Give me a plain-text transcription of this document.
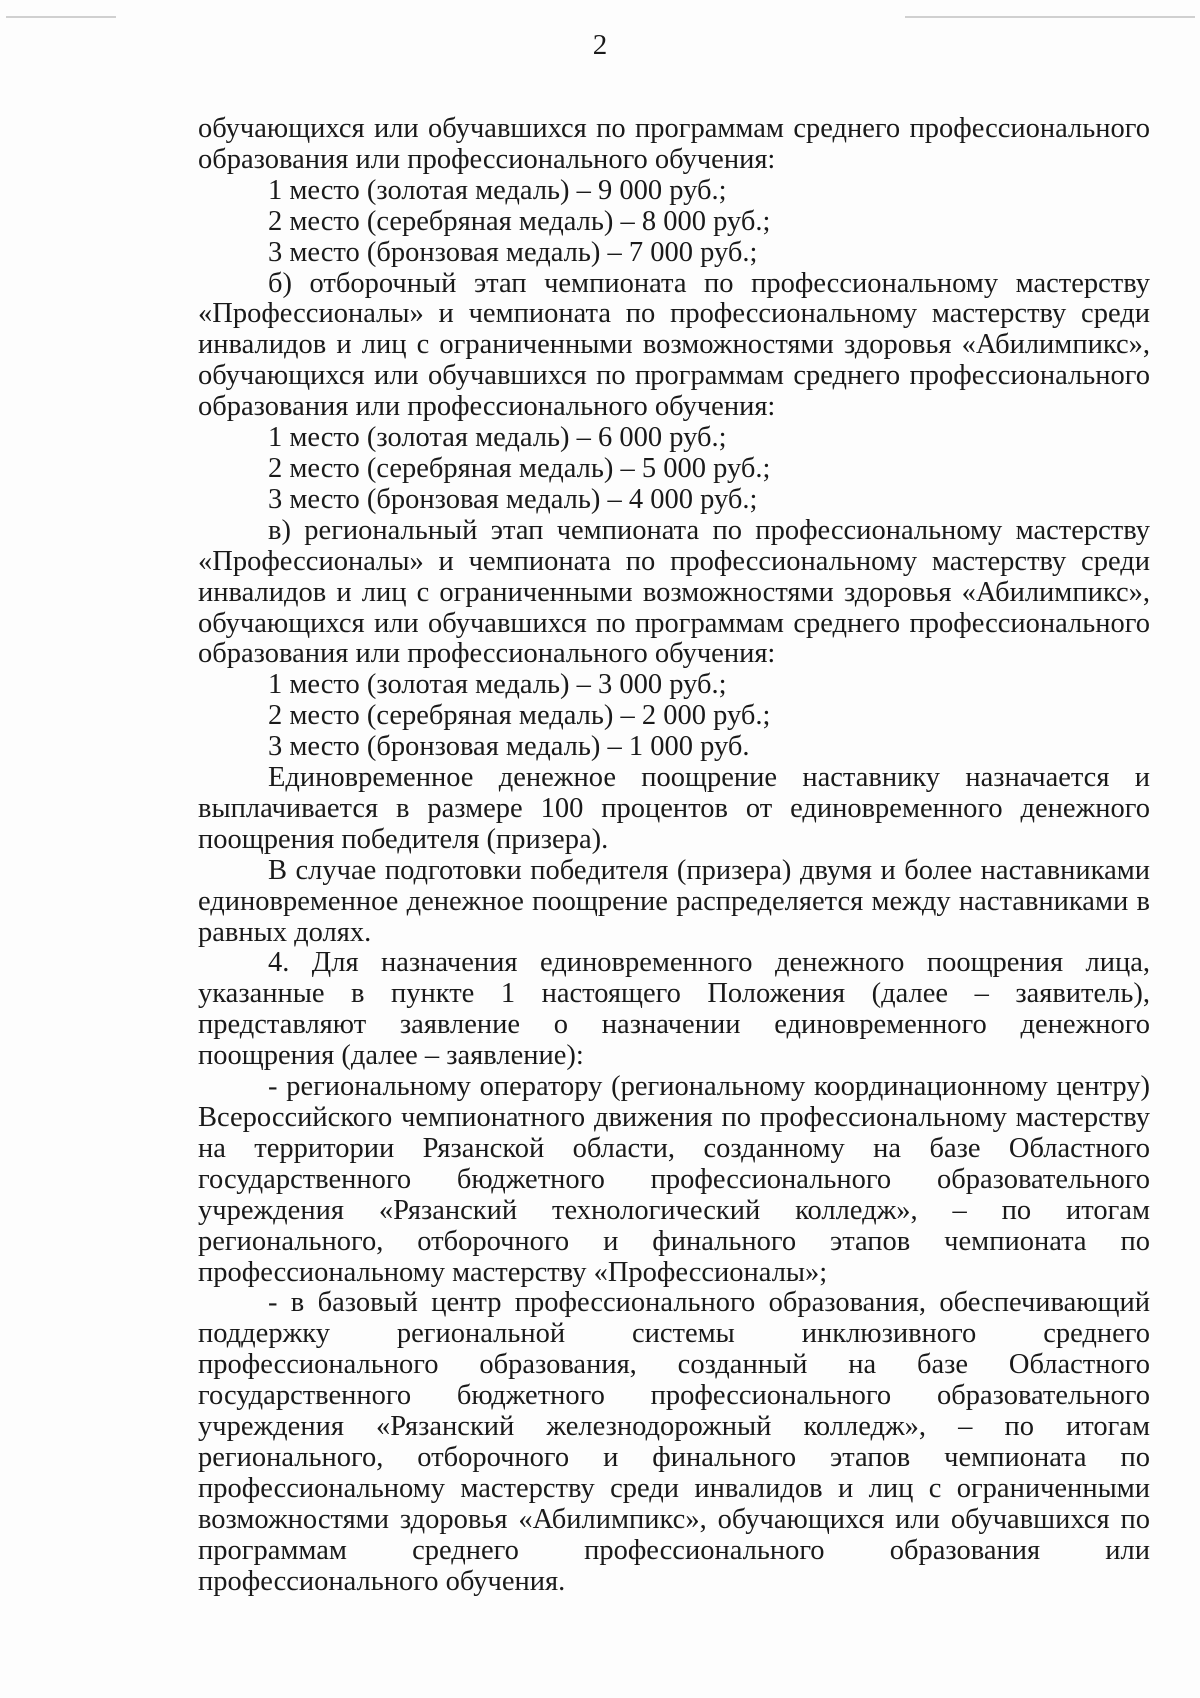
2

обучающихся или обучавшихся по программам среднего профессионального образования или профессионального обучения:

1 место (золотая медаль) – 9 000 руб.;

2 место (серебряная медаль) – 8 000 руб.;

3 место (бронзовая медаль) – 7 000 руб.;

б) отборочный этап чемпионата по профессиональному мастерству «Профессионалы» и чемпионата по профессиональному мастерству среди инвалидов и лиц с ограниченными возможностями здоровья «Абилимпикс», обучающихся или обучавшихся по программам среднего профессионального образования или профессионального обучения:

1 место (золотая медаль) – 6 000 руб.;

2 место (серебряная медаль) – 5 000 руб.;

3 место (бронзовая медаль) – 4 000 руб.;

в) региональный этап чемпионата по профессиональному мастерству «Профессионалы» и чемпионата по профессиональному мастерству среди инвалидов и лиц с ограниченными возможностями здоровья «Абилимпикс», обучающихся или обучавшихся по программам среднего профессионального образования или профессионального обучения:

1 место (золотая медаль) – 3 000 руб.;

2 место (серебряная медаль) – 2 000 руб.;

3 место (бронзовая медаль) – 1 000 руб.

Единовременное денежное поощрение наставнику назначается и выплачивается в размере 100 процентов от единовременного денежного поощрения победителя (призера).

В случае подготовки победителя (призера) двумя и более наставниками единовременное денежное поощрение распределяется между наставниками в равных долях.

4. Для назначения единовременного денежного поощрения лица, указанные в пункте 1 настоящего Положения (далее – заявитель), представляют заявление о назначении единовременного денежного поощрения (далее – заявление):

- региональному оператору (региональному координационному центру) Всероссийского чемпионатного движения по профессиональному мастерству на территории Рязанской области, созданному на базе Областного государственного бюджетного профессионального образовательного учреждения «Рязанский технологический колледж», – по итогам регионального, отборочного и финального этапов чемпионата по профессиональному мастерству «Профессионалы»;

- в базовый центр профессионального образования, обеспечивающий поддержку региональной системы инклюзивного среднего профессионального образования, созданный на базе Областного государственного бюджетного профессионального образовательного учреждения «Рязанский железнодорожный колледж», – по итогам регионального, отборочного и финального этапов чемпионата по профессиональному мастерству среди инвалидов и лиц с ограниченными возможностями здоровья «Абилимпикс», обучающихся или обучавшихся по программам среднего профессионального образования или профессионального обучения.
